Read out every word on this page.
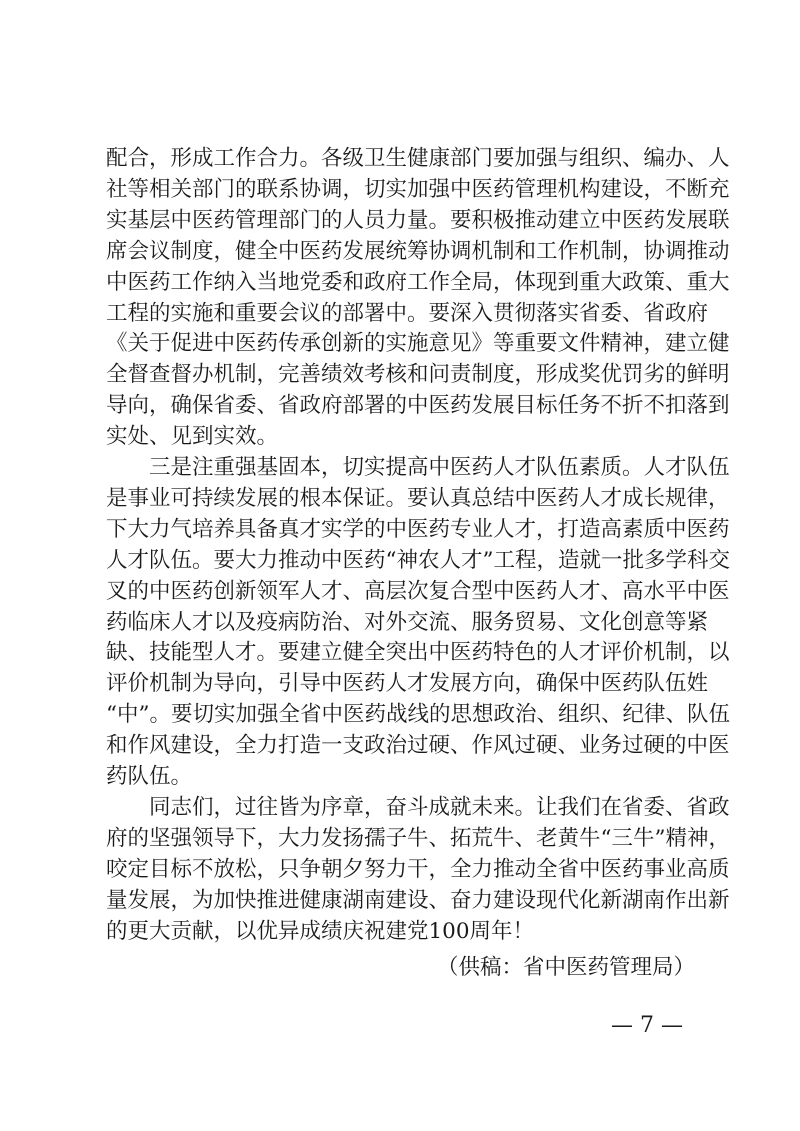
配合，形成工作合力。各级卫生健康部门要加强与组织、编办、人
社等相关部门的联系协调，切实加强中医药管理机构建设，不断充
实基层中医药管理部门的人员力量。要积极推动建立中医药发展联
席会议制度，健全中医药发展统筹协调机制和工作机制，协调推动
中医药工作纳入当地党委和政府工作全局，体现到重大政策、重大
工程的实施和重要会议的部署中。要深入贯彻落实省委、省政府
《关于促进中医药传承创新的实施意见》等重要文件精神，建立健
全督查督办机制，完善绩效考核和问责制度，形成奖优罚劣的鲜明
导向，确保省委、省政府部署的中医药发展目标任务不折不扣落到
实处、见到实效。
三是注重强基固本，切实提高中医药人才队伍素质。人才队伍
是事业可持续发展的根本保证。要认真总结中医药人才成长规律，
下大力气培养具备真才实学的中医药专业人才，打造高素质中医药
人才队伍。要大力推动中医药“神农人才”工程，造就一批多学科交
叉的中医药创新领军人才、高层次复合型中医药人才、高水平中医
药临床人才以及疫病防治、对外交流、服务贸易、文化创意等紧
缺、技能型人才。要建立健全突出中医药特色的人才评价机制，以
评价机制为导向，引导中医药人才发展方向，确保中医药队伍姓
“中”。要切实加强全省中医药战线的思想政治、组织、纪律、队伍
和作风建设，全力打造一支政治过硬、作风过硬、业务过硬的中医
药队伍。
同志们，过往皆为序章，奋斗成就未来。让我们在省委、省政
府的坚强领导下，大力发扬孺子牛、拓荒牛、老黄牛“三牛”精神，
咬定目标不放松，只争朝夕努力干，全力推动全省中医药事业高质
量发展，为加快推进健康湖南建设、奋力建设现代化新湖南作出新
的更大贡献，以优异成绩庆祝建党100周年！
（供稿：省中医药管理局）
— 7 —
